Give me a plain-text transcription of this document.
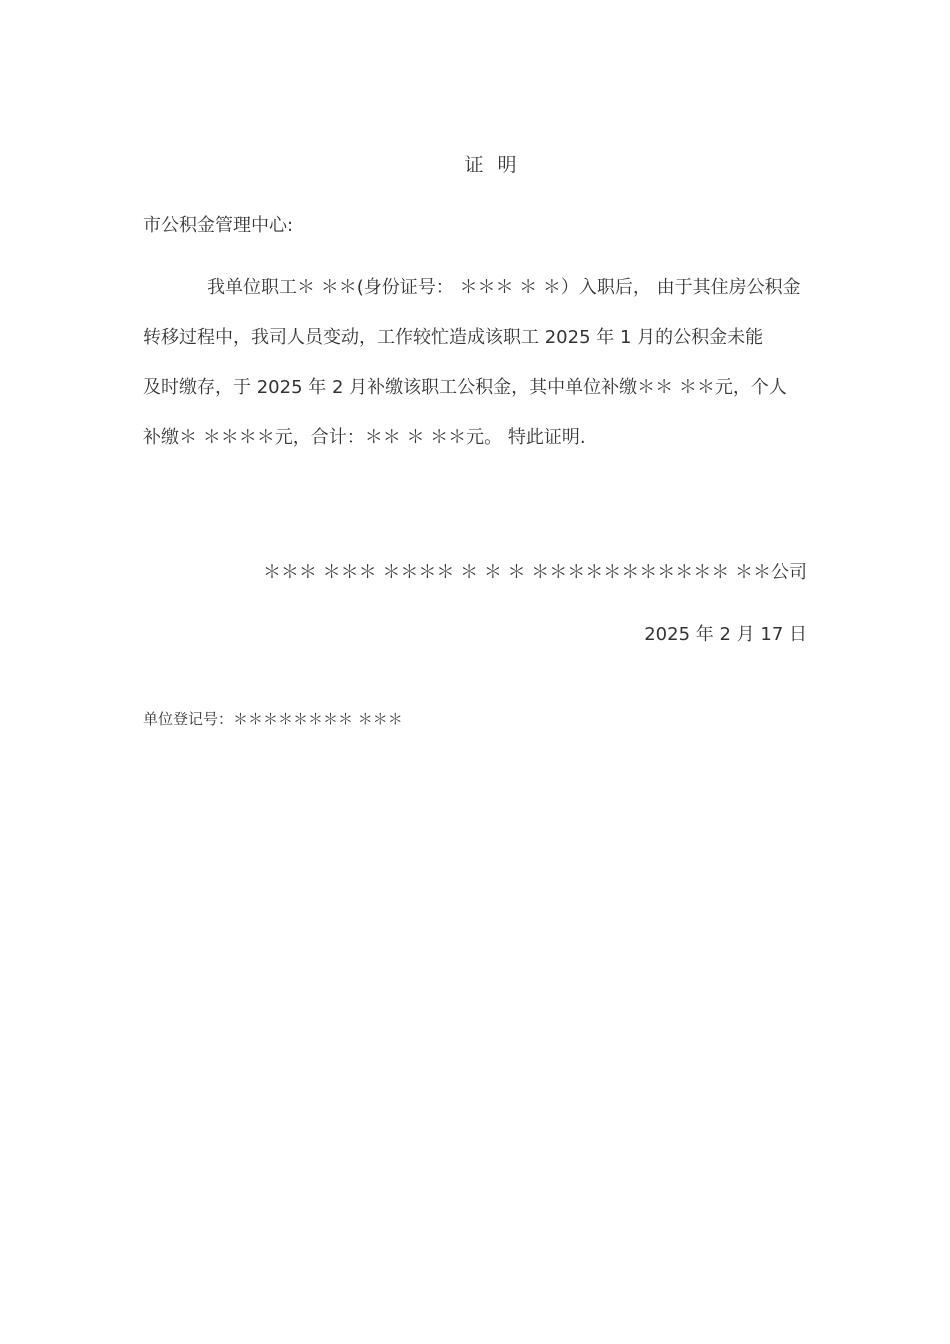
证 明
市公积金管理中心:
我单位职工＊ ＊＊(身份证号： ＊＊＊ ＊ ＊）入职后， 由于其住房公积金
转移过程中，我司人员变动，工作较忙造成该职工 2025 年 1 月的公积金未能
及时缴存，于 2025 年 2 月补缴该职工公积金，其中单位补缴＊＊ ＊＊元，个人
补缴＊ ＊＊＊＊元，合计：＊＊ ＊ ＊＊元。 特此证明.
＊＊＊ ＊＊＊ ＊＊＊＊ ＊ ＊ ＊ ＊＊＊＊＊＊＊＊＊＊＊ ＊＊公司
2025 年 2 月 17 日
单位登记号：＊＊＊＊＊＊＊＊ ＊＊＊
